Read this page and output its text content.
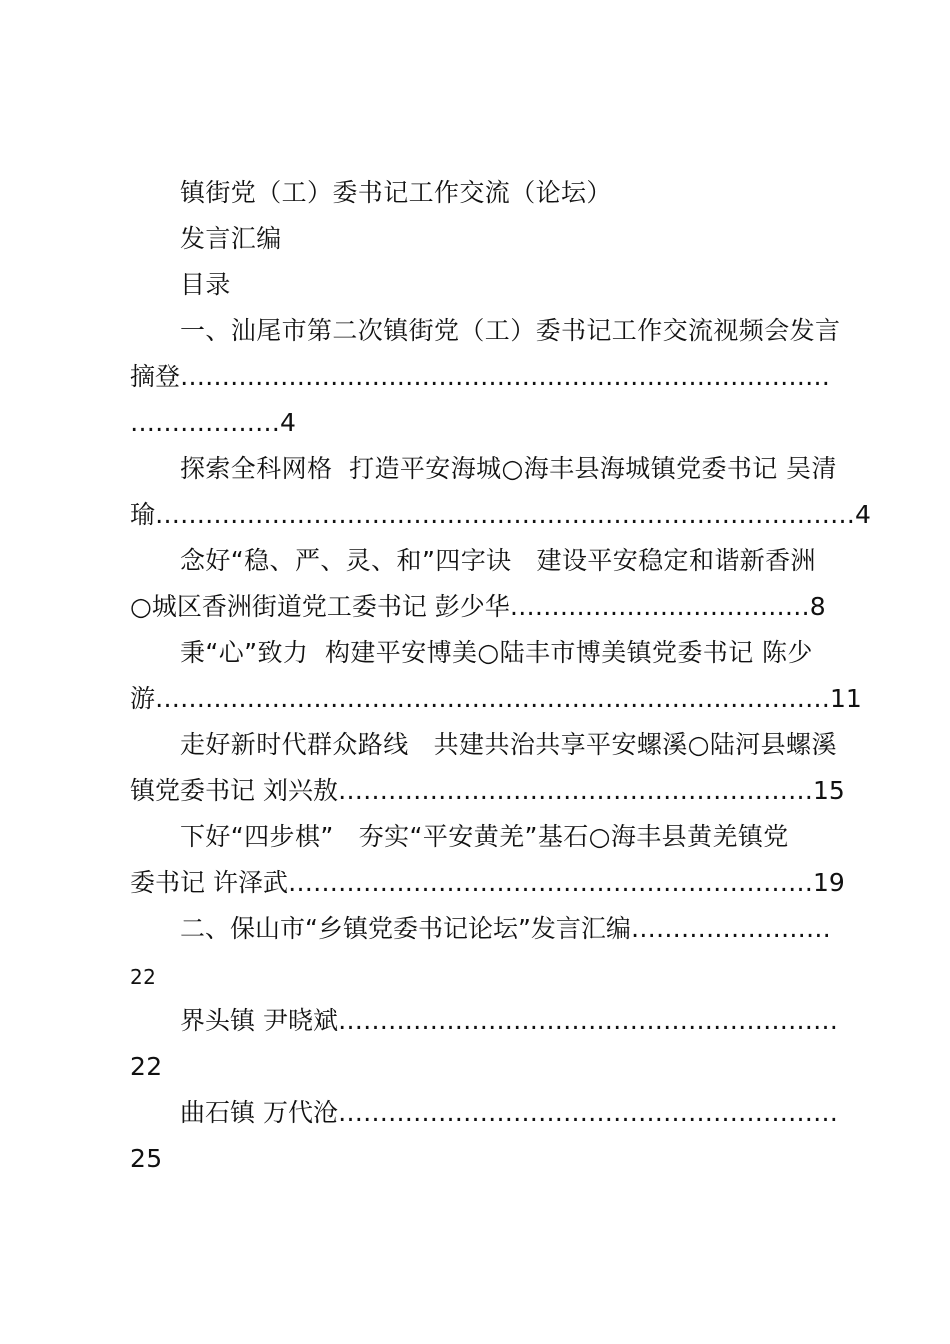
镇街党（工）委书记工作交流（论坛）
发言汇编
目录
一、汕尾市第二次镇街党（工）委书记工作交流视频会发言
摘登……………………………………………………………………
………………4
探索全科网格  打造平安海城○海丰县海城镇党委书记 吴清
瑜…………………………………………………………………………4
念好“稳、严、灵、和”四字诀   建设平安稳定和谐新香洲
○城区香洲街道党工委书记 彭少华………………………………8
秉“心”致力  构建平安博美○陆丰市博美镇党委书记 陈少
游………………………………………………………………………11
走好新时代群众路线   共建共治共享平安螺溪○陆河县螺溪
镇党委书记 刘兴敖…………………………………………………15
下好“四步棋”   夯实“平安黄羌”基石○海丰县黄羌镇党
委书记 许泽武………………………………………………………19
二、保山市“乡镇党委书记论坛”发言汇编……………………
22
界头镇 尹晓斌……………………………………………………
22
曲石镇 万代沧……………………………………………………
25
